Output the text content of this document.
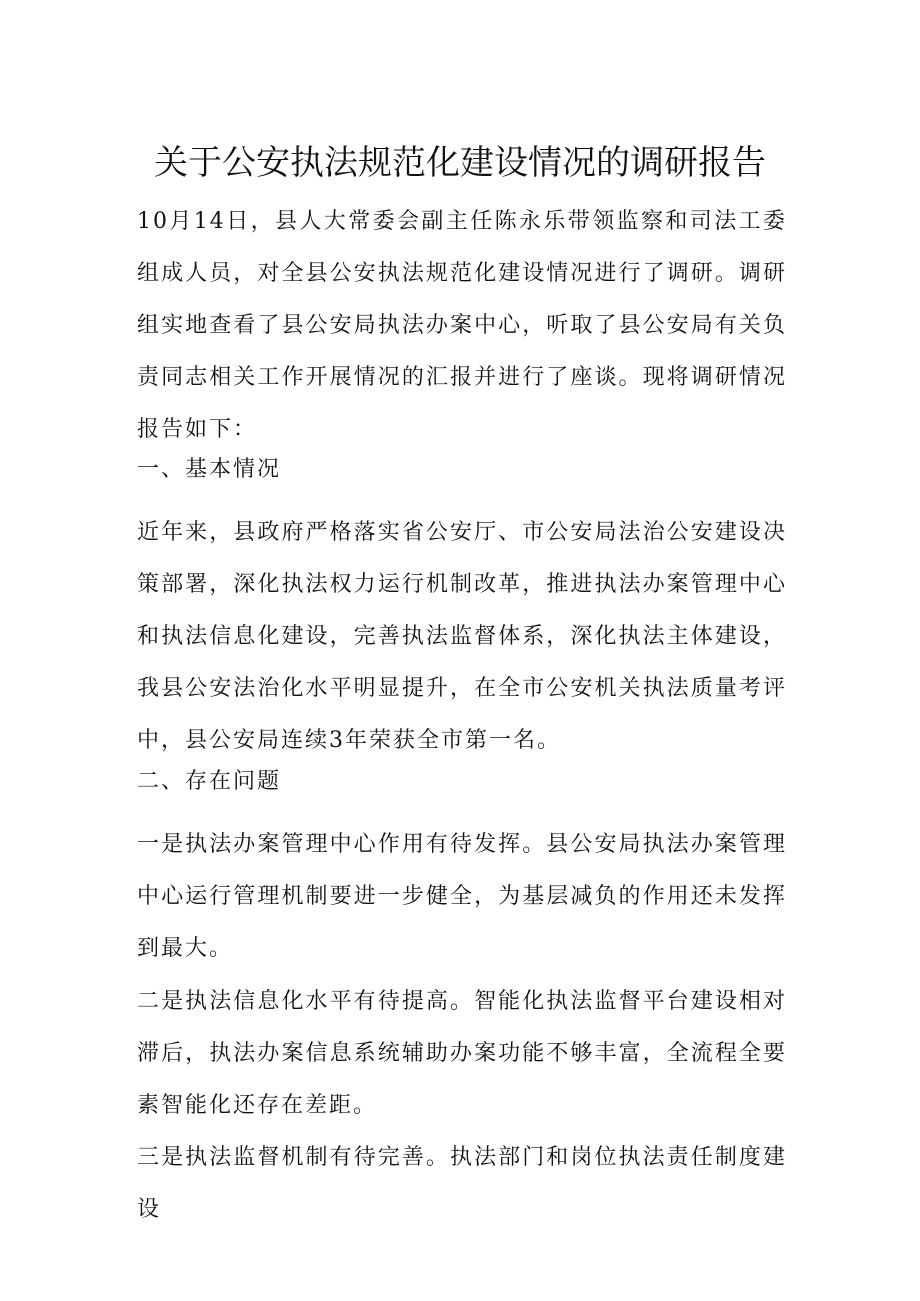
关于公安执法规范化建设情况的调研报告

10月14日，县人大常委会副主任陈永乐带领监察和司法工委组成人员，对全县公安执法规范化建设情况进行了调研。调研组实地查看了县公安局执法办案中心，听取了县公安局有关负责同志相关工作开展情况的汇报并进行了座谈。现将调研情况报告如下：

一、基本情况

近年来，县政府严格落实省公安厅、市公安局法治公安建设决策部署，深化执法权力运行机制改革，推进执法办案管理中心和执法信息化建设，完善执法监督体系，深化执法主体建设，我县公安法治化水平明显提升，在全市公安机关执法质量考评中，县公安局连续3年荣获全市第一名。

二、存在问题

一是执法办案管理中心作用有待发挥。县公安局执法办案管理中心运行管理机制要进一步健全，为基层减负的作用还未发挥到最大。

二是执法信息化水平有待提高。智能化执法监督平台建设相对滞后，执法办案信息系统辅助办案功能不够丰富，全流程全要素智能化还存在差距。

三是执法监督机制有待完善。执法部门和岗位执法责任制度建设
